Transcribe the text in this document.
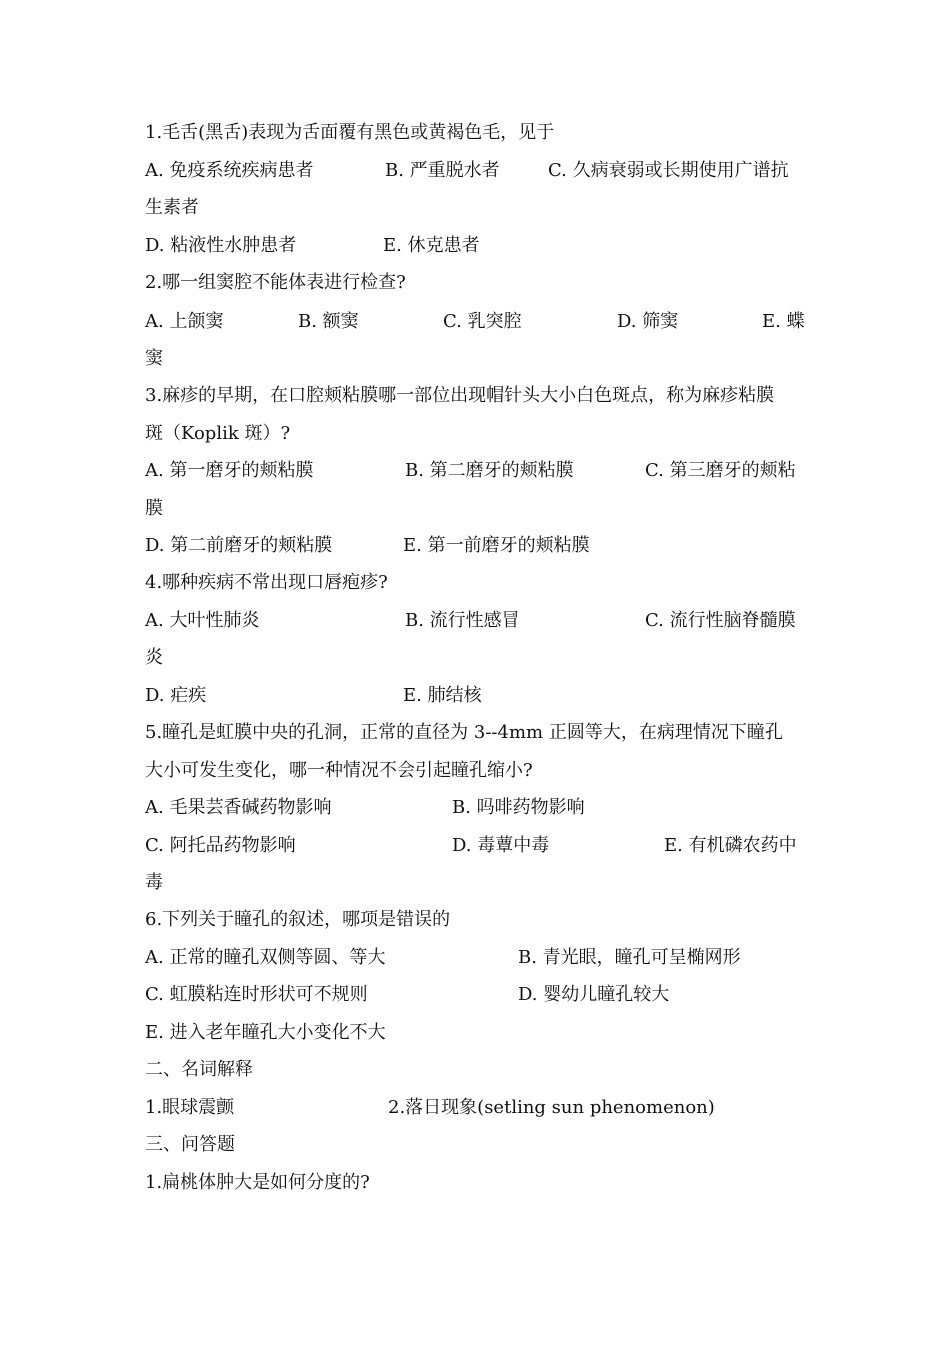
1.毛舌(黑舌)表现为舌面覆有黑色或黄褐色毛，见于
A. 免疫系统疾病患者	B. 严重脱水者	C. 久病衰弱或长期使用广谱抗
生素者
D. 粘液性水肿患者	E. 休克患者
2.哪一组窦腔不能体表进行检查?
A. 上颌窦	B. 额窦	C. 乳突腔	D. 筛窦	E. 蝶
窦
3.麻疹的早期，在口腔颊粘膜哪一部位出现帽针头大小白色斑点，称为麻疹粘膜
斑（Koplik 斑）?
A. 第一磨牙的颊粘膜	B. 第二磨牙的颊粘膜	C. 第三磨牙的颊粘
膜
D. 第二前磨牙的颊粘膜	E. 第一前磨牙的颊粘膜
4.哪种疾病不常出现口唇疱疹?
A. 大叶性肺炎	B. 流行性感冒	C. 流行性脑脊髓膜
炎
D. 疟疾	E. 肺结核
5.瞳孔是虹膜中央的孔洞，正常的直径为 3--4mm 正圆等大，在病理情况下瞳孔
大小可发生变化，哪一种情况不会引起瞳孔缩小?
A. 毛果芸香碱药物影响	B. 吗啡药物影响
C. 阿托品药物影响	D. 毒蕈中毒	E. 有机磷农药中
毒
6.下列关于瞳孔的叙述，哪项是错误的
A. 正常的瞳孔双侧等圆、等大	B. 青光眼，瞳孔可呈椭网形
C. 虹膜粘连时形状可不规则	D. 婴幼儿瞳孔较大
E. 进入老年瞳孔大小变化不大
二、名词解释
1.眼球震颤	2.落日现象(setling sun phenomenon)
三、问答题
1.扁桃体肿大是如何分度的?
